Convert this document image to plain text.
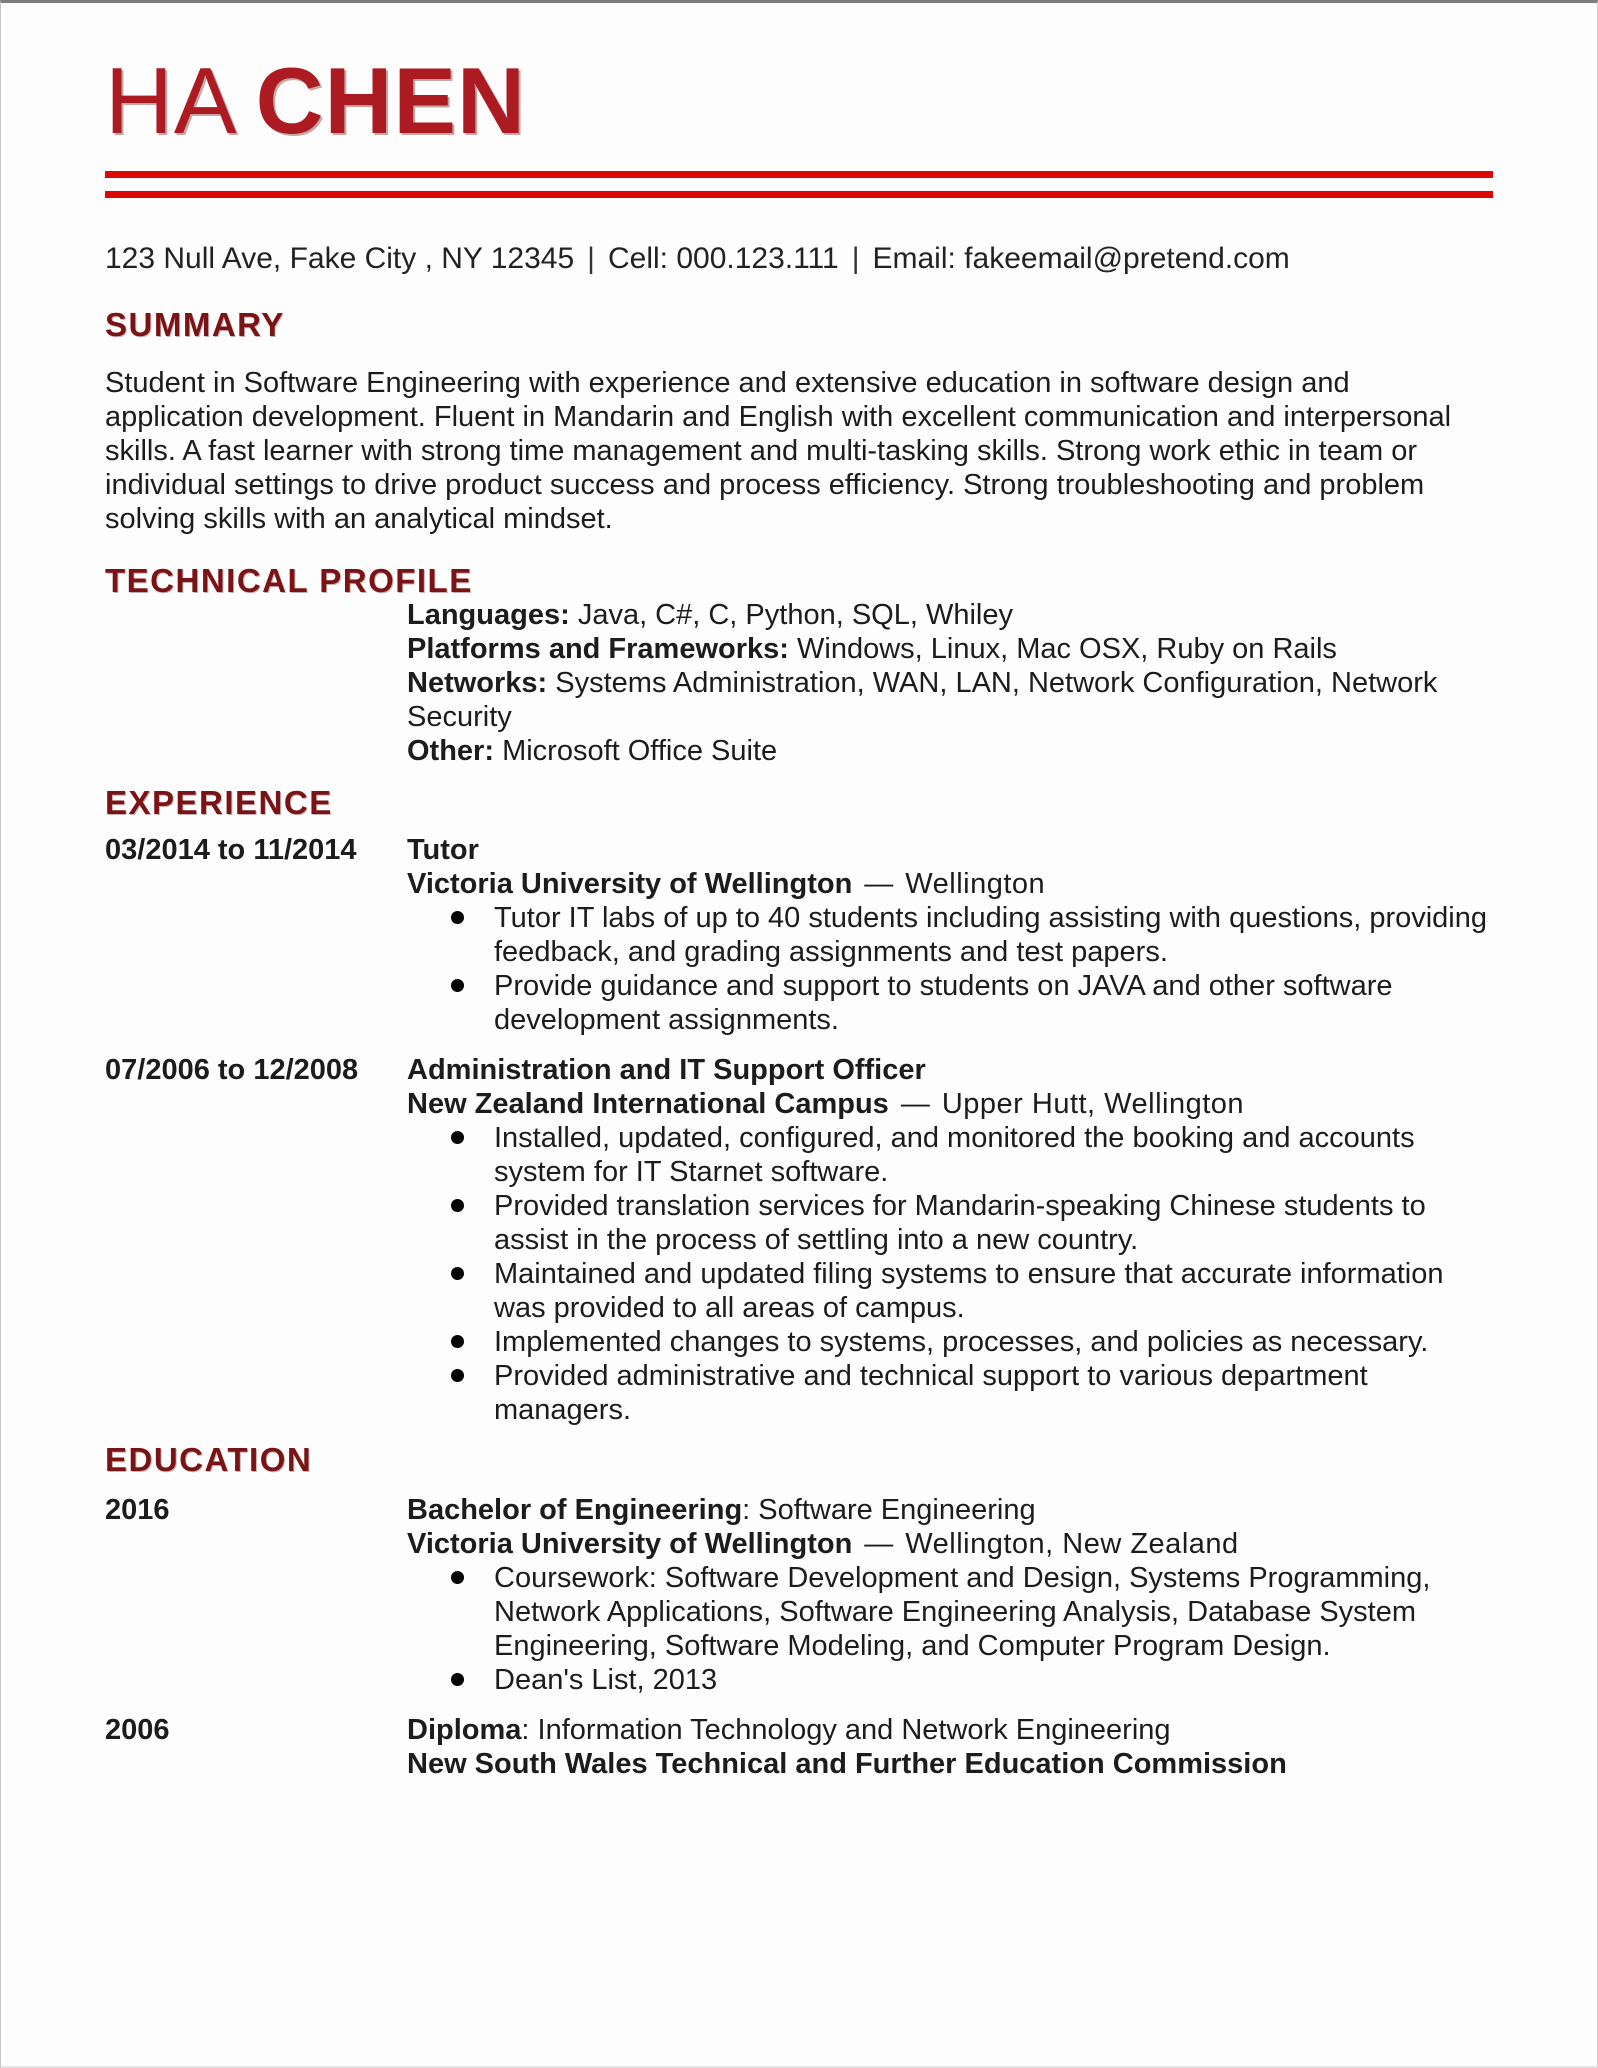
HA CHEN

123 Null Ave, Fake City , NY 12345 | Cell: 000.123.111 | Email: fakeemail@pretend.com

SUMMARY

Student in Software Engineering with experience and extensive education in software design and application development. Fluent in Mandarin and English with excellent communication and interpersonal skills. A fast learner with strong time management and multi-tasking skills. Strong work ethic in team or individual settings to drive product success and process efficiency. Strong troubleshooting and problem solving skills with an analytical mindset.

TECHNICAL PROFILE
Languages: Java, C#, C, Python, SQL, Whiley
Platforms and Frameworks: Windows, Linux, Mac OSX, Ruby on Rails
Networks: Systems Administration, WAN, LAN, Network Configuration, Network Security
Other: Microsoft Office Suite
EXPERIENCE
03/2014 to 11/2014	Tutor
Victoria University of Wellington — Wellington
Tutor IT labs of up to 40 students including assisting with questions, providing feedback, and grading assignments and test papers.
Provide guidance and support to students on JAVA and other software development assignments.
07/2006 to 12/2008	Administration and IT Support Officer
New Zealand International Campus — Upper Hutt, Wellington
Installed, updated, configured, and monitored the booking and accounts system for IT Starnet software.
Provided translation services for Mandarin-speaking Chinese students to assist in the process of settling into a new country.
Maintained and updated filing systems to ensure that accurate information was provided to all areas of campus.
Implemented changes to systems, processes, and policies as necessary.
Provided administrative and technical support to various department managers.
EDUCATION
2016	Bachelor of Engineering: Software Engineering
Victoria University of Wellington — Wellington, New Zealand
Coursework: Software Development and Design, Systems Programming, Network Applications, Software Engineering Analysis, Database System Engineering, Software Modeling, and Computer Program Design.
Dean's List, 2013
2006	Diploma: Information Technology and Network Engineering
New South Wales Technical and Further Education Commission
